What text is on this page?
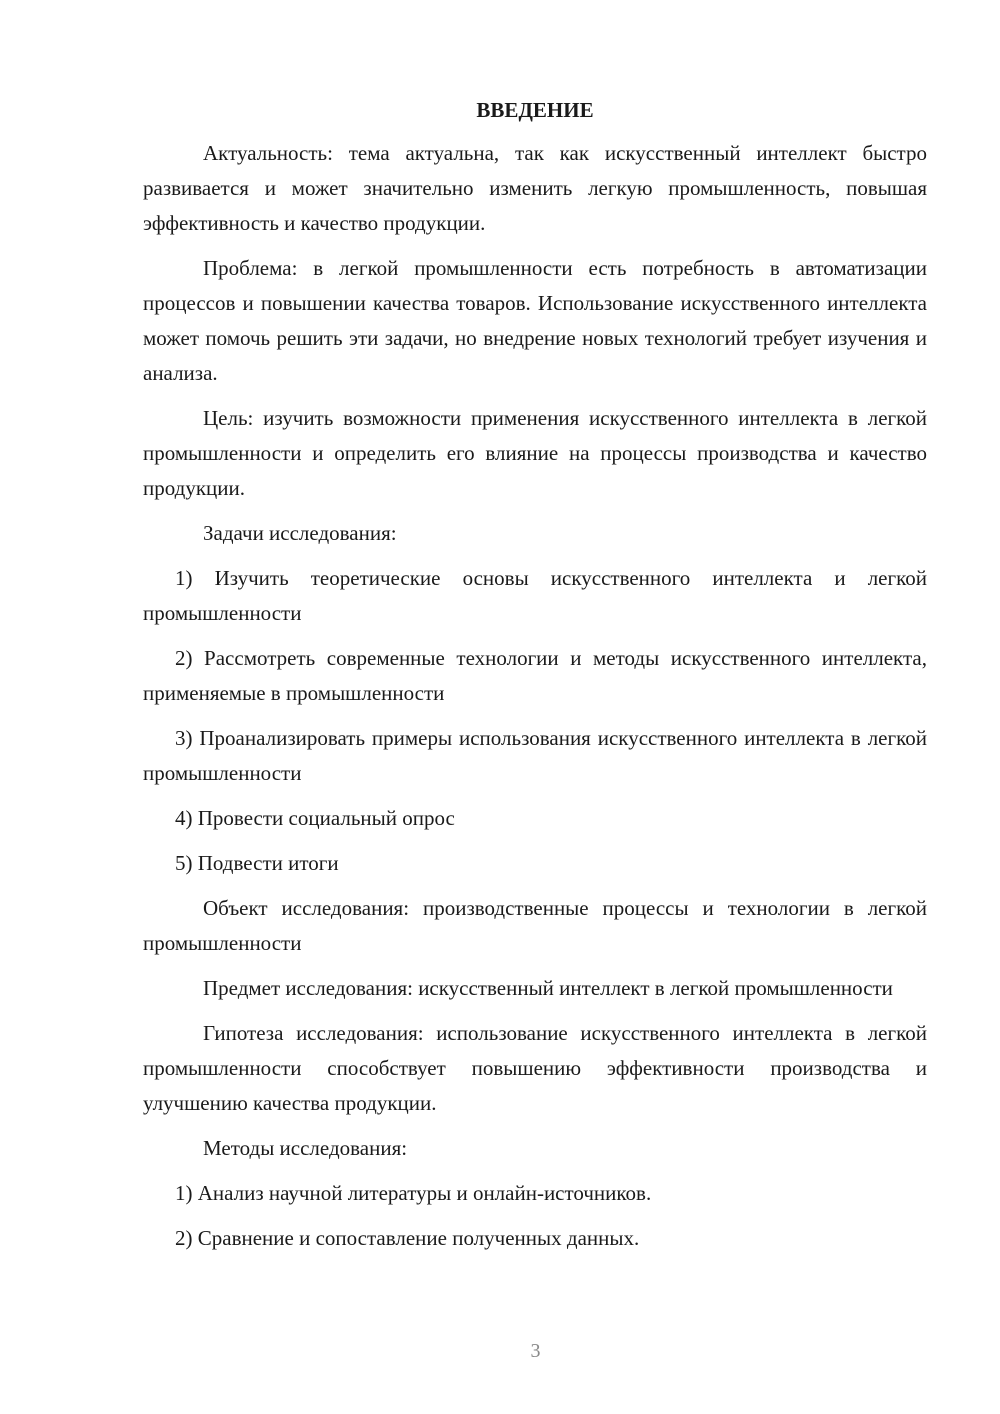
ВВЕДЕНИЕ
Актуальность: тема актуальна, так как искусственный интеллект быстро развивается и может значительно изменить легкую промышленность, повышая эффективность и качество продукции.
Проблема: в легкой промышленности есть потребность в автоматизации процессов и повышении качества товаров. Использование искусственного интеллекта может помочь решить эти задачи, но внедрение новых технологий требует изучения и анализа.
Цель: изучить возможности применения искусственного интеллекта в легкой промышленности и определить его влияние на процессы производства и качество продукции.
Задачи исследования:
1) Изучить теоретические основы искусственного интеллекта и легкой промышленности
2) Рассмотреть современные технологии и методы искусственного интеллекта, применяемые в промышленности
3) Проанализировать примеры использования искусственного интеллекта в легкой промышленности
4) Провести социальный опрос
5) Подвести итоги
Объект исследования: производственные процессы и технологии в легкой промышленности
Предмет исследования: искусственный интеллект в легкой промышленности
Гипотеза исследования: использование искусственного интеллекта в легкой промышленности способствует повышению эффективности производства и улучшению качества продукции.
Методы исследования:
1) Анализ научной литературы и онлайн-источников.
2) Сравнение и сопоставление полученных данных.
3
